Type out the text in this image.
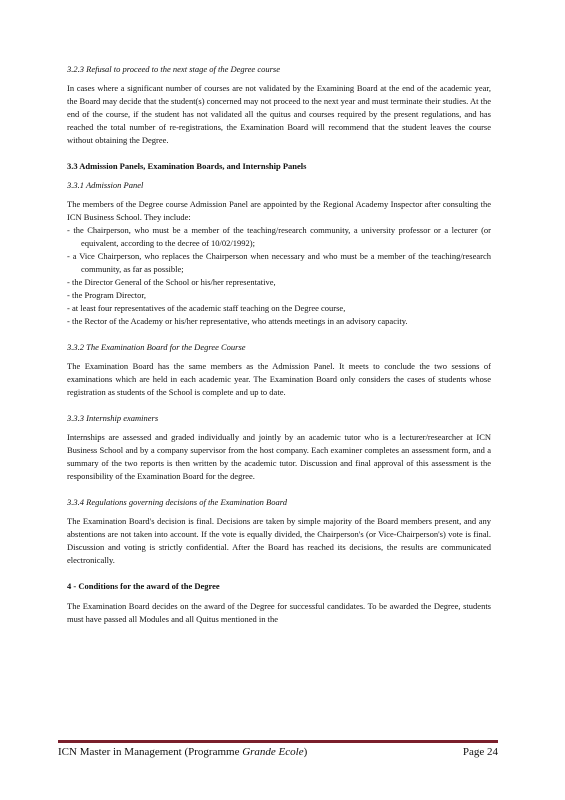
3.2.3 Refusal to proceed to the next stage of the Degree course

In cases where a significant number of courses are not validated by the Examining Board at the end of the academic year, the Board may decide that the student(s) concerned may not proceed to the next year and must terminate their studies. At the end of the course, if the student has not validated all the quitus and courses required by the present regulations, and has reached the total number of re-registrations, the Examination Board will recommend that the student leaves the course without obtaining the Degree.

3.3 Admission Panels, Examination Boards, and Internship Panels
3.3.1 Admission Panel

The members of the Degree course Admission Panel are appointed by the Regional Academy Inspector after consulting the ICN Business School. They include:

- the Chairperson, who must be a member of the teaching/research community, a university professor or a lecturer (or equivalent, according to the decree of 10/02/1992);
- a Vice Chairperson, who replaces the Chairperson when necessary and who must be a member of the teaching/research community, as far as possible;
- the Director General of the School or his/her representative,
- the Program Director,
- at least four representatives of the academic staff teaching on the Degree course,
- the Rector of the Academy or his/her representative, who attends meetings in an advisory capacity.
3.3.2 The Examination Board for the Degree Course

The Examination Board has the same members as the Admission Panel. It meets to conclude the two sessions of examinations which are held in each academic year. The Examination Board only considers the cases of students whose registration as students of the School is complete and up to date.

3.3.3 Internship examiners

Internships are assessed and graded individually and jointly by an academic tutor who is a lecturer/researcher at ICN Business School and by a company supervisor from the host company. Each examiner completes an assessment form, and a summary of the two reports is then written by the academic tutor. Discussion and final approval of this assessment is the responsibility of the Examination Board for the degree.

3.3.4 Regulations governing decisions of the Examination Board

The Examination Board's decision is final. Decisions are taken by simple majority of the Board members present, and any abstentions are not taken into account. If the vote is equally divided, the Chairperson's (or Vice-Chairperson's) vote is final. Discussion and voting is strictly confidential. After the Board has reached its decisions, the results are communicated electronically.

4 - Conditions for the award of the Degree

The Examination Board decides on the award of the Degree for successful candidates. To be awarded the Degree, students must have passed all Modules and all Quitus mentioned in the

ICN Master in Management (Programme Grande Ecole)	Page 24
